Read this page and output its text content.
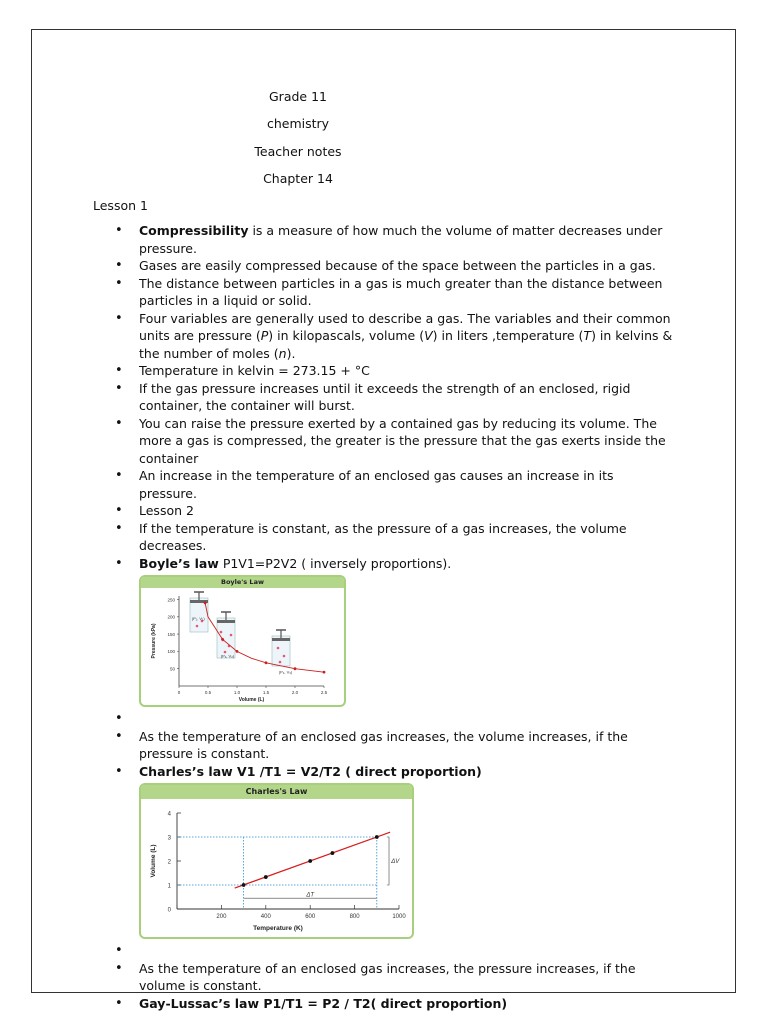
Grade 11
chemistry
Teacher notes
Chapter 14
Lesson 1
• Compressibility is a measure of how much the volume of matter decreases under pressure.
• Gases are easily compressed because of the space between the particles in a gas.
• The distance between particles in a gas is much greater than the distance between particles in a liquid or solid.
• Four variables are generally used to describe a gas. The variables and their common units are pressure (P) in kilopascals, volume (V) in liters ,temperature (T) in kelvins & the number of moles (n).
• Temperature in kelvin = 273.15 + °C
• If the gas pressure increases until it exceeds the strength of an enclosed, rigid container, the container will burst.
• You can raise the pressure exerted by a contained gas by reducing its volume. The more a gas is compressed, the greater is the pressure that the gas exerts inside the container
• An increase in the temperature of an enclosed gas causes an increase in its pressure.
• Lesson 2
• If the temperature is constant, as the pressure of a gas increases, the volume decreases.
• Boyle’s law P1V1=P2V2 ( inversely proportions).
Boyle's Law
250
200
150
100
50
0	0.5	1.0	1.5	2.0	2.5
Volume (L)
Pressure (kPa)
(P₁, V₁)
(P₂, V₂)
(P₃, V₃)
•
• As the temperature of an enclosed gas increases, the volume increases, if the pressure is constant.
• Charles’s law V1 /T1 = V2/T2 ( direct proportion)
Charles's Law
0
1
2
3
4
200	400	600	800	1000
Temperature (K)
Volume (L)
ΔT
ΔV
•
• As the temperature of an enclosed gas increases, the pressure increases, if the volume is constant.
• Gay-Lussac’s law P1/T1 = P2 / T2( direct proportion)
